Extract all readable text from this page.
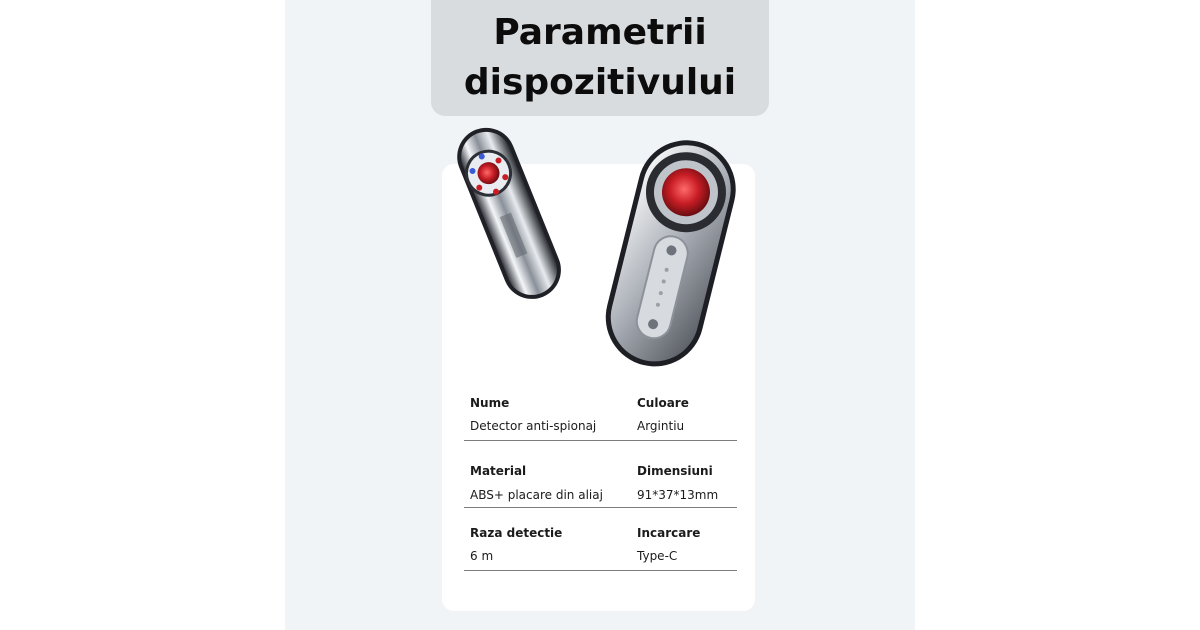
Parametrii dispozitivului
Nume
Detector anti-spionaj
Culoare
Argintiu
Material
ABS+ placare din aliaj
Dimensiuni
91*37*13mm
Raza detectie
6 m
Incarcare
Type-C
